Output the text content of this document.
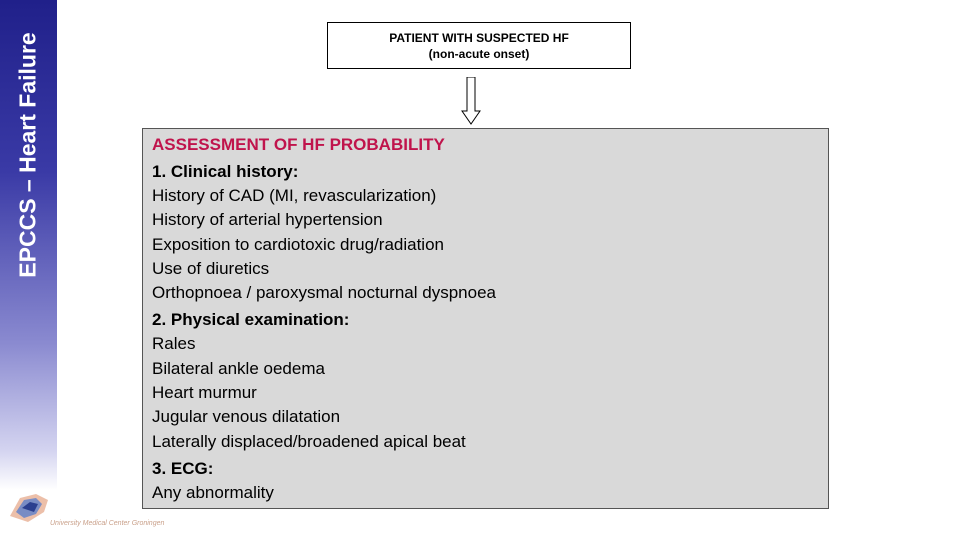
EPCCS – Heart Failure
University Medical Center Groningen
PATIENT WITH SUSPECTED HF
(non-acute onset)
ASSESSMENT OF HF PROBABILITY
1. Clinical history:
History of CAD (MI, revascularization)
History of arterial hypertension
Exposition to cardiotoxic drug/radiation
Use of diuretics
Orthopnoea / paroxysmal nocturnal dyspnoea
2. Physical examination:
Rales
Bilateral ankle oedema
Heart murmur
Jugular venous dilatation
Laterally displaced/broadened apical beat
3. ECG:
Any abnormality
